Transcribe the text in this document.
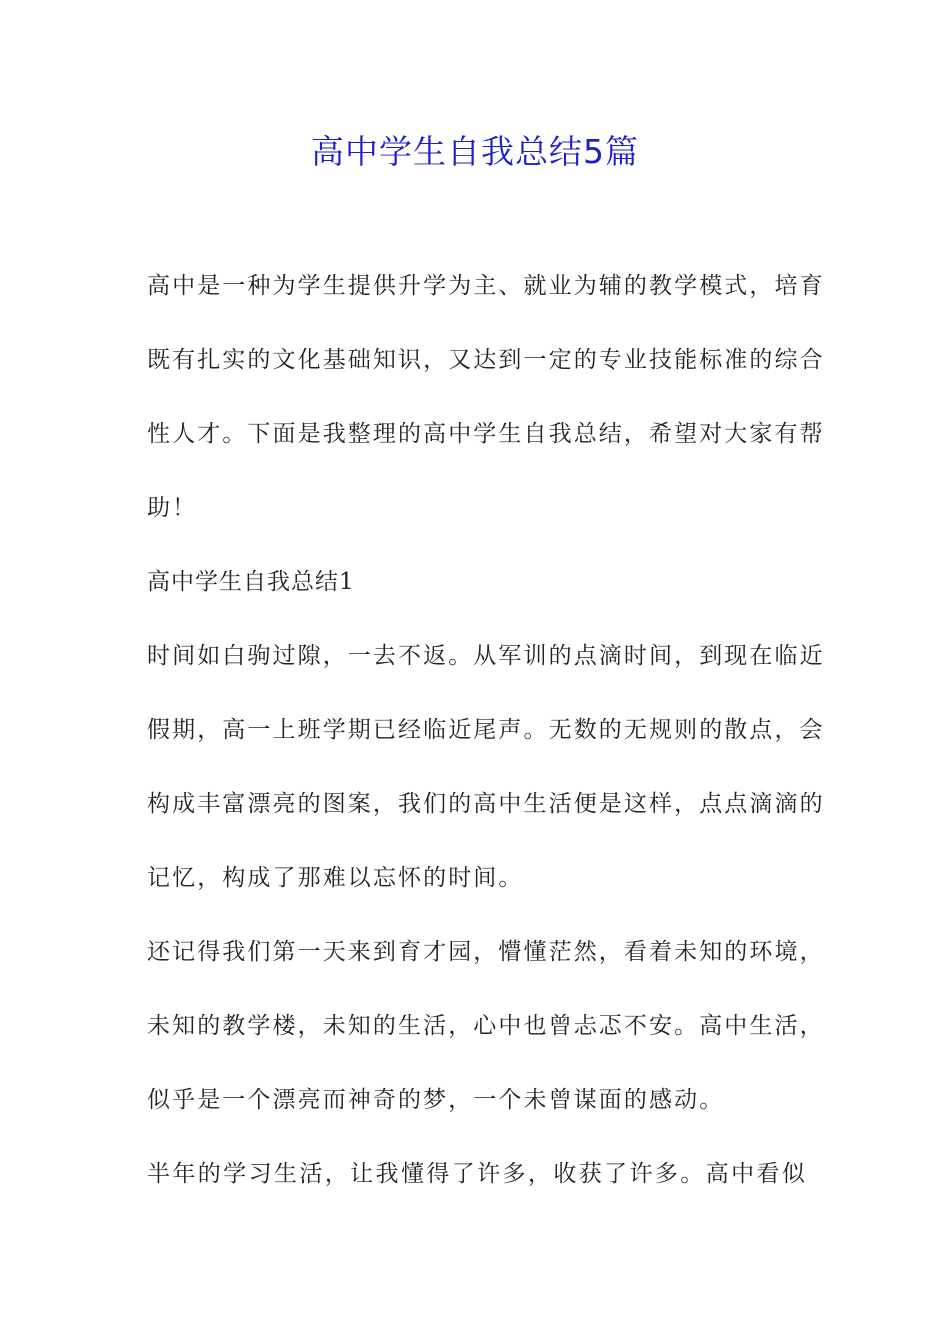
高中学生自我总结5篇
高中是一种为学生提供升学为主、就业为辅的教学模式，培育
既有扎实的文化基础知识，又达到一定的专业技能标准的综合
性人才。下面是我整理的高中学生自我总结，希望对大家有帮
助！
高中学生自我总结1
时间如白驹过隙，一去不返。从军训的点滴时间，到现在临近
假期，高一上班学期已经临近尾声。无数的无规则的散点，会
构成丰富漂亮的图案，我们的高中生活便是这样，点点滴滴的
记忆，构成了那难以忘怀的时间。
还记得我们第一天来到育才园，懵懂茫然，看着未知的环境，
未知的教学楼，未知的生活，心中也曾忐忑不安。高中生活，
似乎是一个漂亮而神奇的梦，一个未曾谋面的感动。
半年的学习生活，让我懂得了许多，收获了许多。高中看似
